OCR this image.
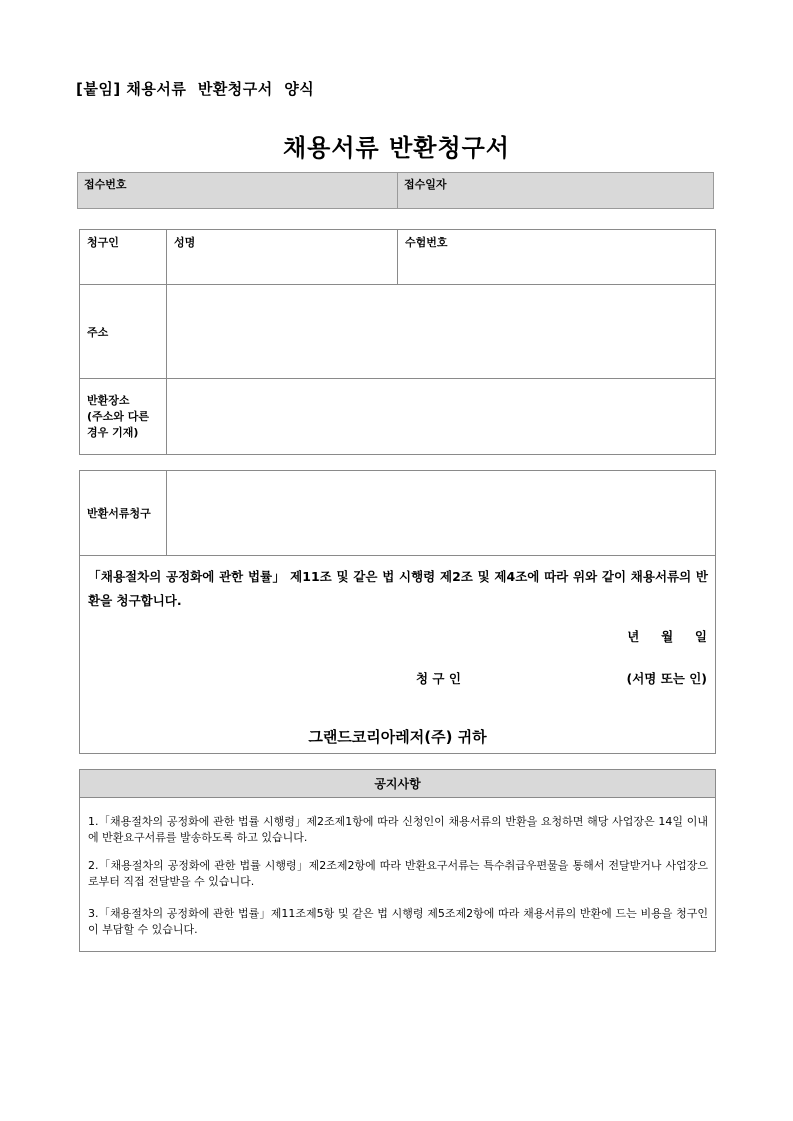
[붙임] 채용서류  반환청구서  양식
채용서류 반환청구서
접수번호	접수일자
청구인	성명	수험번호
주소
반환장소
(주소와 다른
경우 기재)
반환서류청구
「채용절차의 공정화에 관한 법률」 제11조 및 같은 법 시행령 제2조 및 제4조에 따라 위와 같이 채용서류의 반환을 청구합니다.
년     월     일
청 구 인	(서명 또는 인)
그랜드코리아레저(주) 귀하
공지사항
1.「채용절차의 공정화에 관한 법률 시행령」제2조제1항에 따라 신청인이 채용서류의 반환을 요청하면 해당 사업장은 14일 이내에 반환요구서류를 발송하도록 하고 있습니다.
2.「채용절차의 공정화에 관한 법률 시행령」제2조제2항에 따라 반환요구서류는 특수취급우편물을 통해서 전달받거나 사업장으로부터 직접 전달받을 수 있습니다.
3.「채용절차의 공정화에 관한 법률」제11조제5항 및 같은 법 시행령 제5조제2항에 따라 채용서류의 반환에 드는 비용을 청구인이 부담할 수 있습니다.
